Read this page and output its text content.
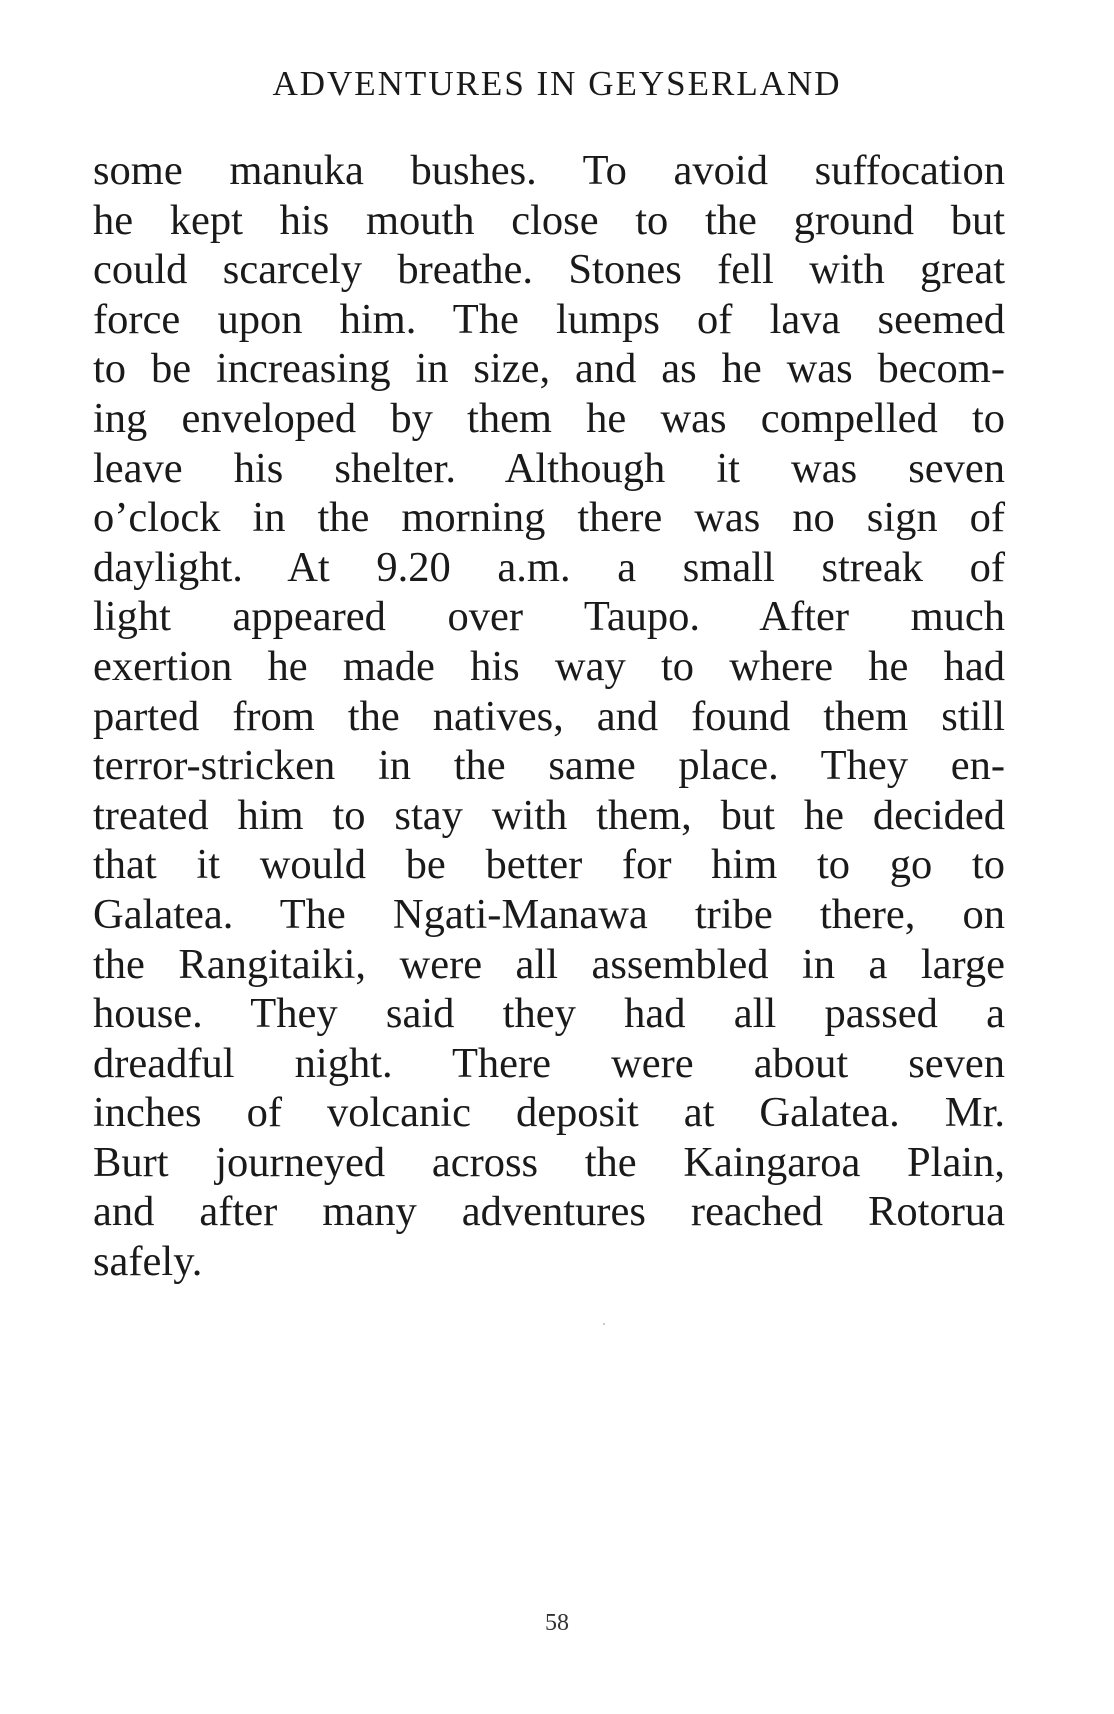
ADVENTURES IN GEYSERLAND

some manuka bushes. To avoid suffocation
he kept his mouth close to the ground but
could scarcely breathe. Stones fell with great
force upon him. The lumps of lava seemed
to be increasing in size, and as he was becom-
ing enveloped by them he was compelled to
leave his shelter. Although it was seven
o’clock in the morning there was no sign of
daylight. At 9.20 a.m. a small streak of
light appeared over Taupo. After much
exertion he made his way to where he had
parted from the natives, and found them still
terror-stricken in the same place. They en-
treated him to stay with them, but he decided
that it would be better for him to go to
Galatea. The Ngati-Manawa tribe there, on
the Rangitaiki, were all assembled in a large
house. They said they had all passed a
dreadful night. There were about seven
inches of volcanic deposit at Galatea. Mr.
Burt journeyed across the Kaingaroa Plain,
and after many adventures reached Rotorua
safely.

58
